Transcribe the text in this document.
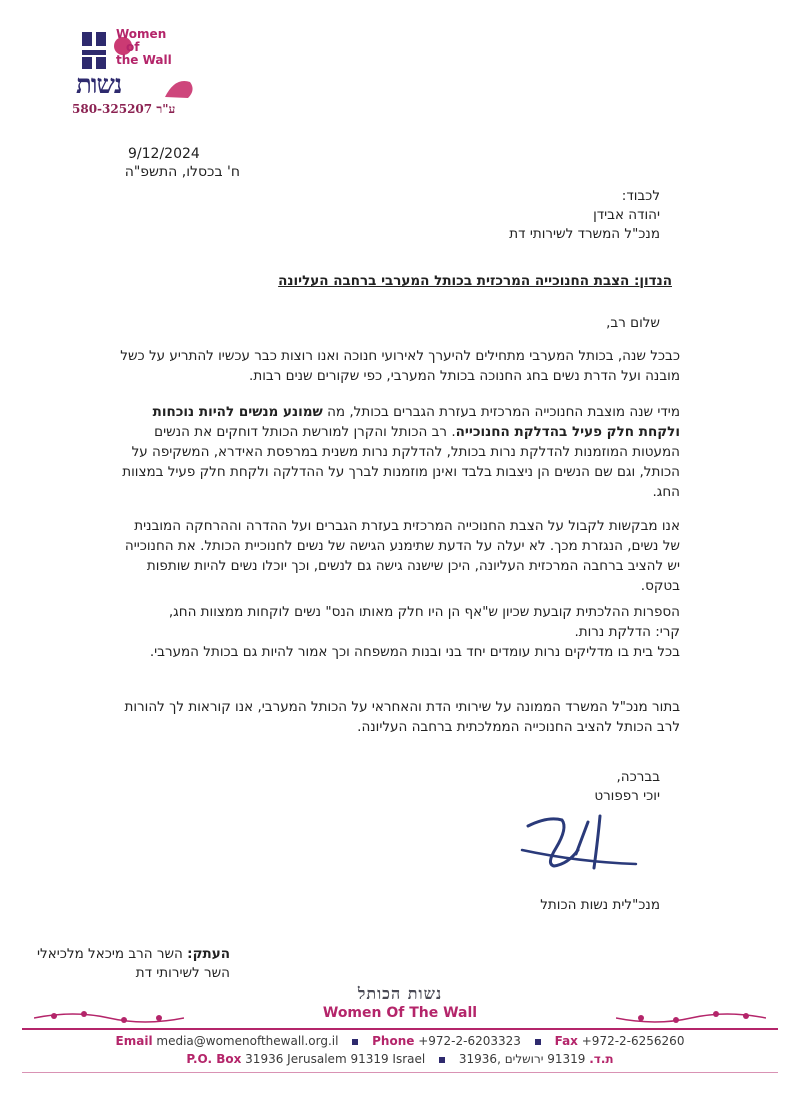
Women
of
the Wall
נשות
580-325207 ע"ר
9/12/2024
ח' בכסלו, התשפ"ה
לכבוד:
יהודה אבידן
מנכ"ל המשרד לשירותי דת
הנדון: הצבת החנוכייה המרכזית בכותל המערבי ברחבה העליונה
שלום רב,

כבכל שנה, בכותל המערבי מתחילים להיערך לאירועי חנוכה ואנו רוצות כבר עכשיו להתריע על כשל מובנה ועל הדרת נשים בחג החנוכה בכותל המערבי, כפי שקורים שנים רבות.

מידי שנה מוצבת החנוכייה המרכזית בעזרת הגברים בכותל, מה שמונע מנשים להיות נוכחות ולקחת חלק פעיל בהדלקת החנוכייה. רב הכותל והקרן למורשת הכותל דוחקים את הנשים המעטות המוזמנות להדלקת נרות בכותל, להדלקת נרות משנית במרפסת האידרא, המשקיפה על הכותל, וגם שם הנשים הן ניצבות בלבד ואינן מוזמנות לברך על ההדלקה ולקחת חלק פעיל במצוות החג.

אנו מבקשות לקבול על הצבת החנוכייה המרכזית בעזרת הגברים ועל ההדרה וההרחקה המובנית של נשים, הנגזרת מכך. לא יעלה על הדעת שתימנע הגישה של נשים לחנוכיית הכותל. את החנוכייה יש להציב ברחבה המרכזית העליונה, היכן שישנה גישה גם לנשים, וכך יוכלו נשים להיות שותפות בטקס.

הספרות ההלכתית קובעת שכיון ש"אף הן היו חלק מאותו הנס" נשים לוקחות ממצוות החג,

קרי: הדלקת נרות.

בכל בית בו מדליקים נרות עומדים יחד בני ובנות המשפחה וכך אמור להיות גם בכותל המערבי.

בתור מנכ"ל המשרד הממונה על שירותי הדת והאחראי על הכותל המערבי, אנו קוראות לך להורות לרב הכותל להציב החנוכייה הממלכתית ברחבה העליונה.

בברכה,
יוכי רפפורט
מנכ"לית נשות הכותל
העתק: השר הרב מיכאל מלכיאלי
השר לשירותי דת
נשות הכותל
Women Of The Wall
Email media@womenofthewall.org.il	Phone +972-2-6203323	Fax +972-2-6256260
P.O. Box 31936 Jerusalem 91319 Israel	ת.ד. 91319 ירושלים ,31936
